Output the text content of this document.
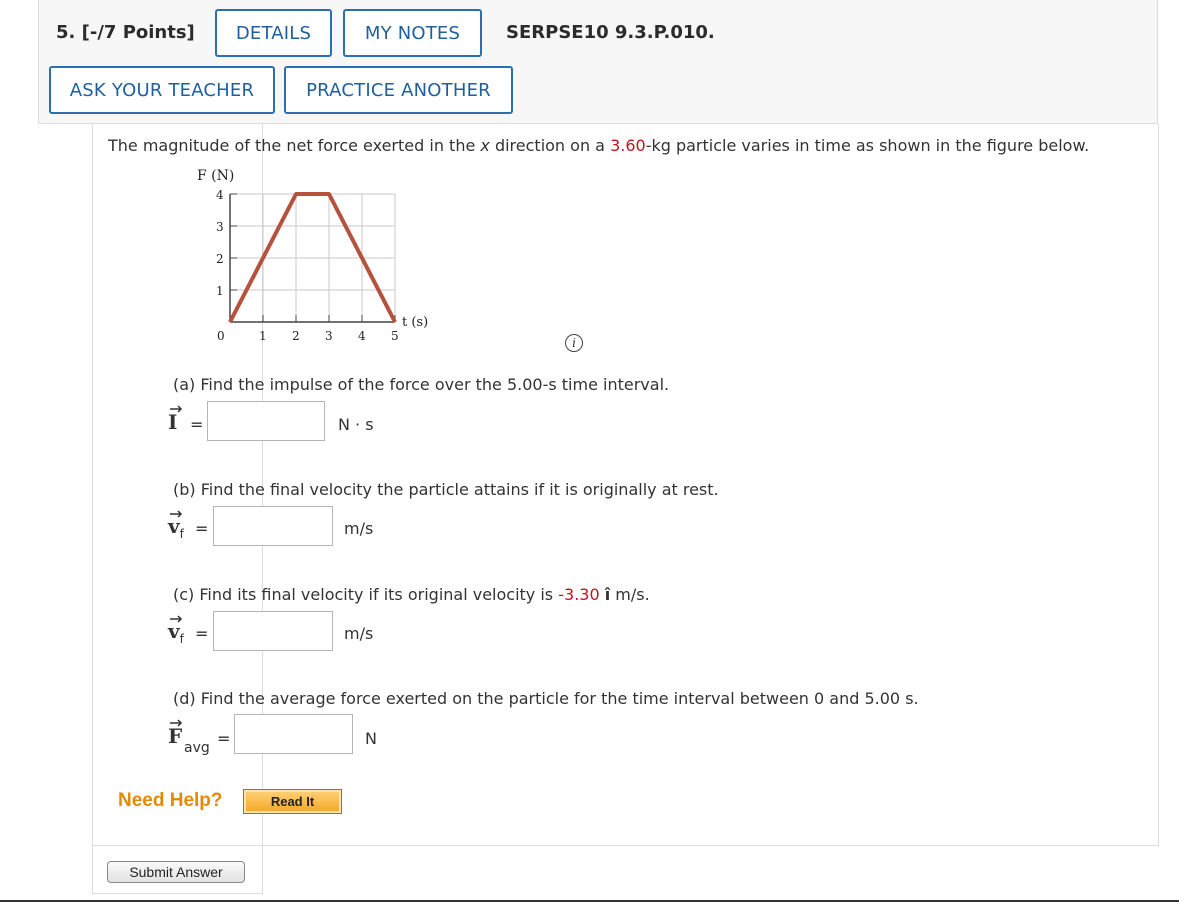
5. [-/7 Points]	DETAILS	MY NOTES	SERPSE10 9.3.P.010.
ASK YOUR TEACHER	PRACTICE ANOTHER
The magnitude of the net force exerted in the x direction on a 3.60-kg particle varies in time as shown in the figure below.
F (N)
t (s)
1
2
3
4
0	1 2 3 4 5	i
(a) Find the impulse of the force over the 5.00-s time interval.
I =	N · s
(b) Find the final velocity the particle attains if it is originally at rest.
$v_f$ =	m/s
(c) Find its final velocity if its original velocity is -3.30 î m/s.
$v_f$ =	m/s
(d) Find the average force exerted on the particle for the time interval between 0 and 5.00 s.
F avg =	N
Need Help?	Read It
Submit Answer
